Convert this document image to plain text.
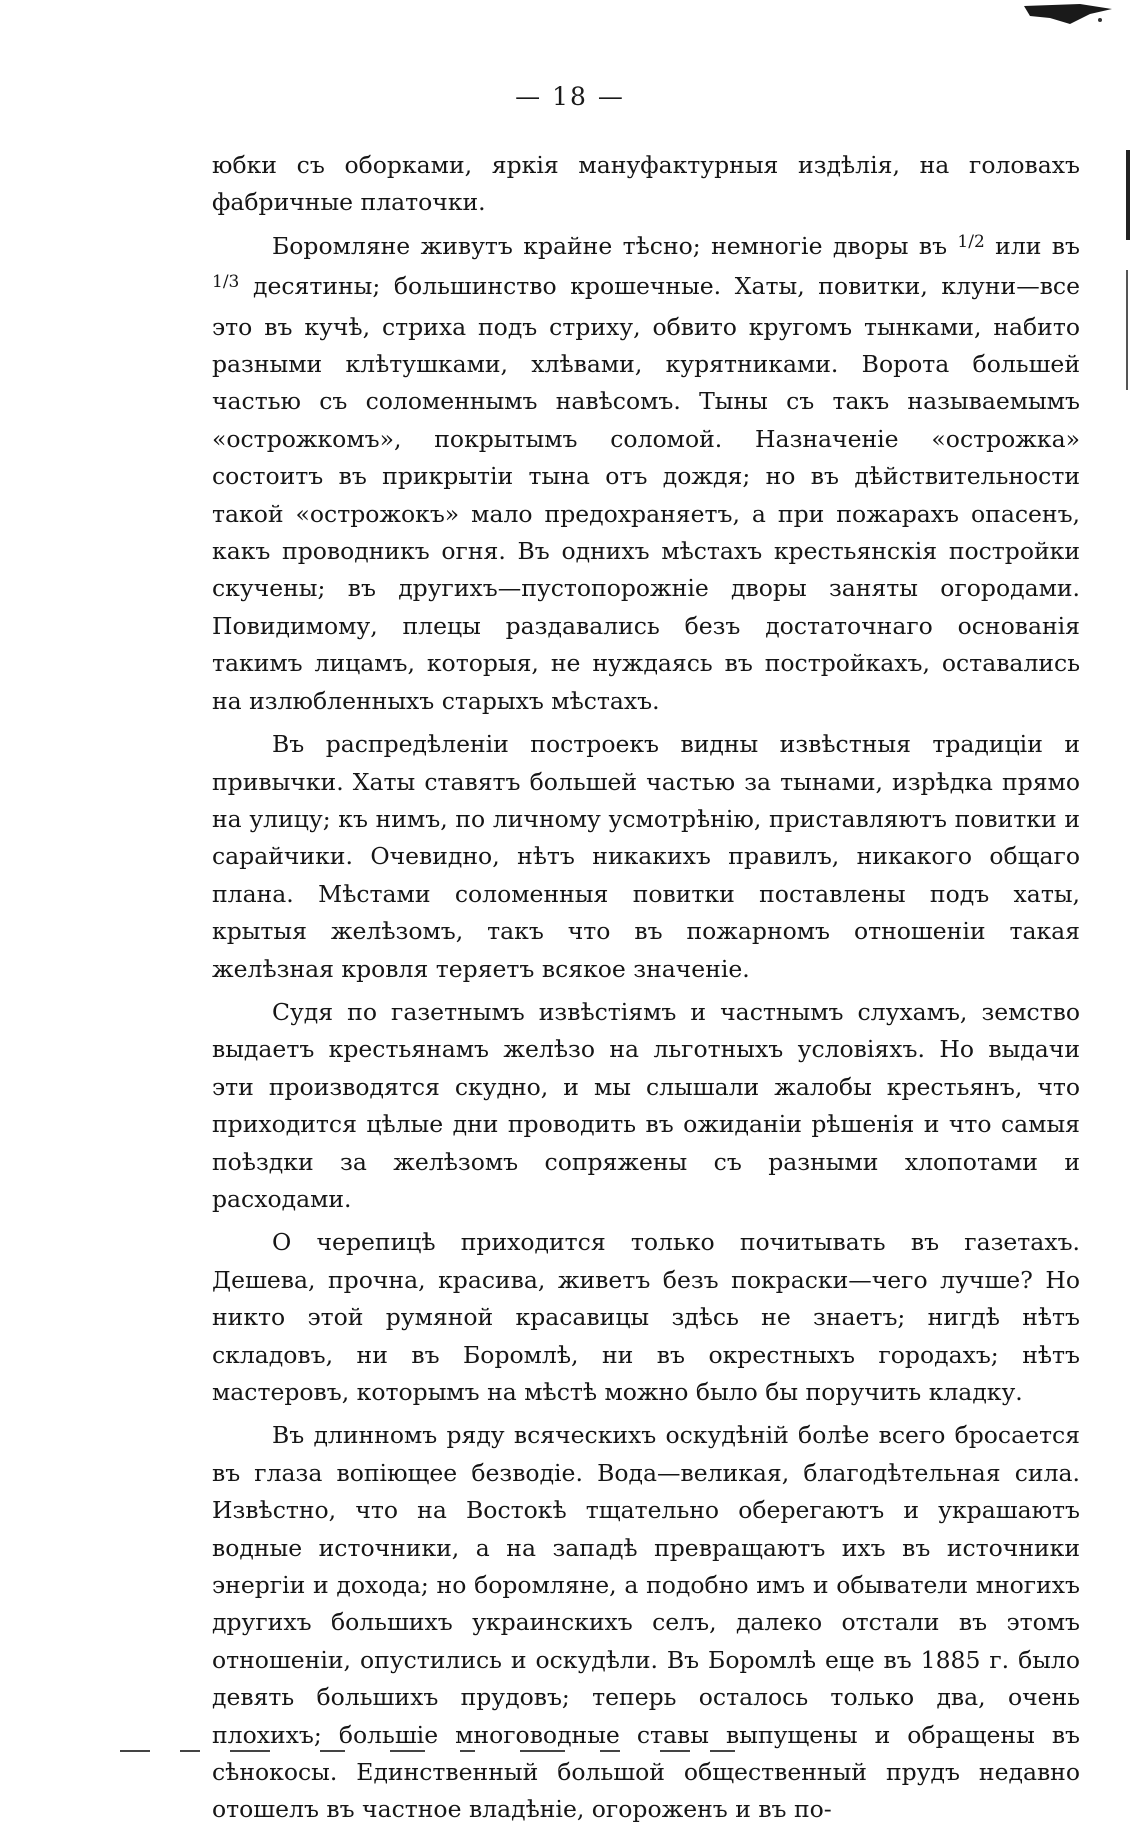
— 18 —

юбки съ оборками, яркія мануфактурныя издѣлія, на головахъ фабричные платочки.

Боромляне живутъ крайне тѣсно; немногіе дворы въ $^{1/2}$ или въ $^{1/3}$ десятины; большинство крошечные. Хаты, повитки, клуни—все это въ кучѣ, стриха подъ стриху, обвито кругомъ тынками, набито разными клѣтушками, хлѣвами, курятниками. Ворота большей частью съ соломеннымъ навѣсомъ. Тыны съ такъ называемымъ «острожкомъ», покрытымъ соломой. Назначеніе «острожка» состоитъ въ прикрытіи тына отъ дождя; но въ дѣйствительности такой «острожокъ» мало предохраняетъ, а при пожарахъ опасенъ, какъ проводникъ огня. Въ однихъ мѣстахъ крестьянскія постройки скучены; въ другихъ—пустопорожніе дворы заняты огородами. Повидимому, плецы раздавались безъ достаточнаго основанія такимъ лицамъ, которыя, не нуждаясь въ постройкахъ, оставались на излюбленныхъ старыхъ мѣстахъ.

Въ распредѣленіи построекъ видны извѣстныя традиціи и привычки. Хаты ставятъ большей частью за тынами, изрѣдка прямо на улицу; къ нимъ, по личному усмотрѣнію, приставляютъ повитки и сарайчики. Очевидно, нѣтъ никакихъ правилъ, никакого общаго плана. Мѣстами соломенныя повитки поставлены подъ хаты, крытыя желѣзомъ, такъ что въ пожарномъ отношеніи такая желѣзная кровля теряетъ всякое значеніе.

Судя по газетнымъ извѣстіямъ и частнымъ слухамъ, земство выдаетъ крестьянамъ желѣзо на льготныхъ условіяхъ. Но выдачи эти производятся скудно, и мы слышали жалобы крестьянъ, что приходится цѣлые дни проводить въ ожиданіи рѣшенія и что самыя поѣздки за желѣзомъ сопряжены съ разными хлопотами и расходами.

О черепицѣ приходится только почитывать въ газетахъ. Дешева, прочна, красива, живетъ безъ покраски—чего лучше? Но никто этой румяной красавицы здѣсь не знаетъ; нигдѣ нѣтъ складовъ, ни въ Боромлѣ, ни въ окрестныхъ городахъ; нѣтъ мастеровъ, которымъ на мѣстѣ можно было бы поручить кладку.

Въ длинномъ ряду всяческихъ оскудѣній болѣе всего бросается въ глаза вопіющее безводіе. Вода—великая, благодѣтельная сила. Извѣстно, что на Востокѣ тщательно оберегаютъ и украшаютъ водные источники, а на западѣ превращаютъ ихъ въ источники энергіи и дохода; но боромляне, а подобно имъ и обыватели многихъ другихъ большихъ украинскихъ селъ, далеко отстали въ этомъ отношеніи, опустились и оскудѣли. Въ Боромлѣ еще въ 1885 г. было девять большихъ прудовъ; теперь осталось только два, очень плохихъ; большіе многоводные ставы выпущены и обращены въ сѣнокосы. Единственный большой общественный прудъ недавно отошелъ въ частное владѣніе, огороженъ и въ по-
